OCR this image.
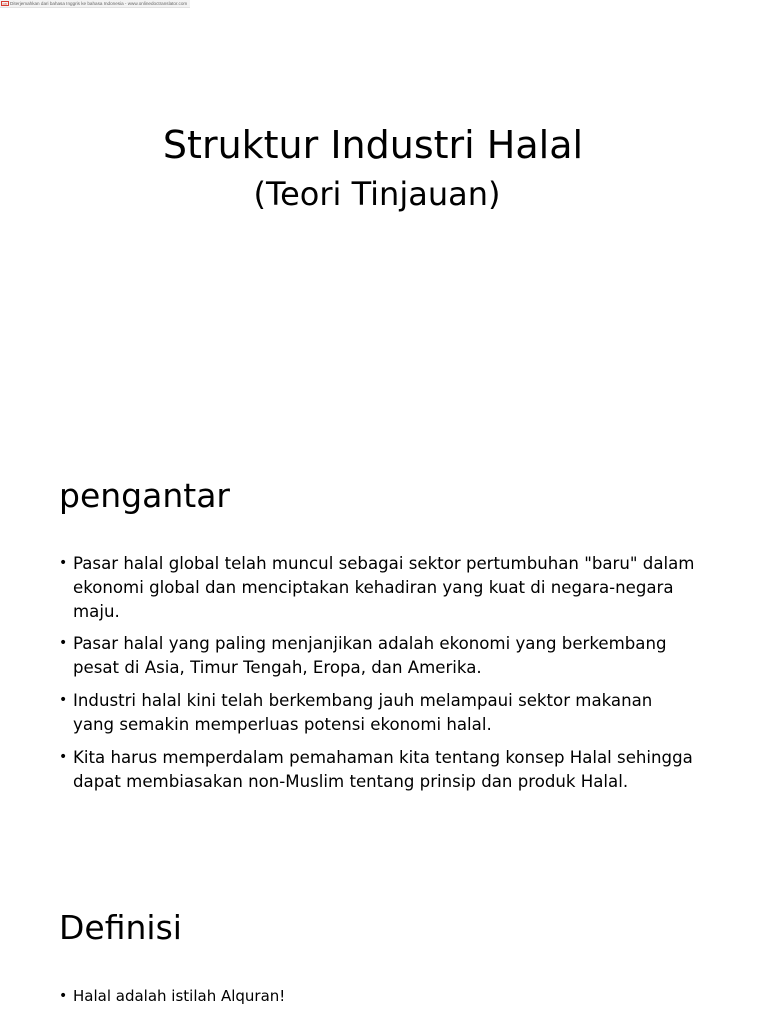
OTr Diterjemahkan dari bahasa Inggris ke bahasa Indonesia - www.onlinedoctranslator.com
Struktur Industri Halal
(Teori Tinjauan)
pengantar
• Pasar halal global telah muncul sebagai sektor pertumbuhan "baru" dalam
ekonomi global dan menciptakan kehadiran yang kuat di negara-negara maju.
• Pasar halal yang paling menjanjikan adalah ekonomi yang berkembang
pesat di Asia, Timur Tengah, Eropa, dan Amerika.
• Industri halal kini telah berkembang jauh melampaui sektor makanan
yang semakin memperluas potensi ekonomi halal.
• Kita harus memperdalam pemahaman kita tentang konsep Halal sehingga
dapat membiasakan non-Muslim tentang prinsip dan produk Halal.
Definisi
• Halal adalah istilah Alquran!
